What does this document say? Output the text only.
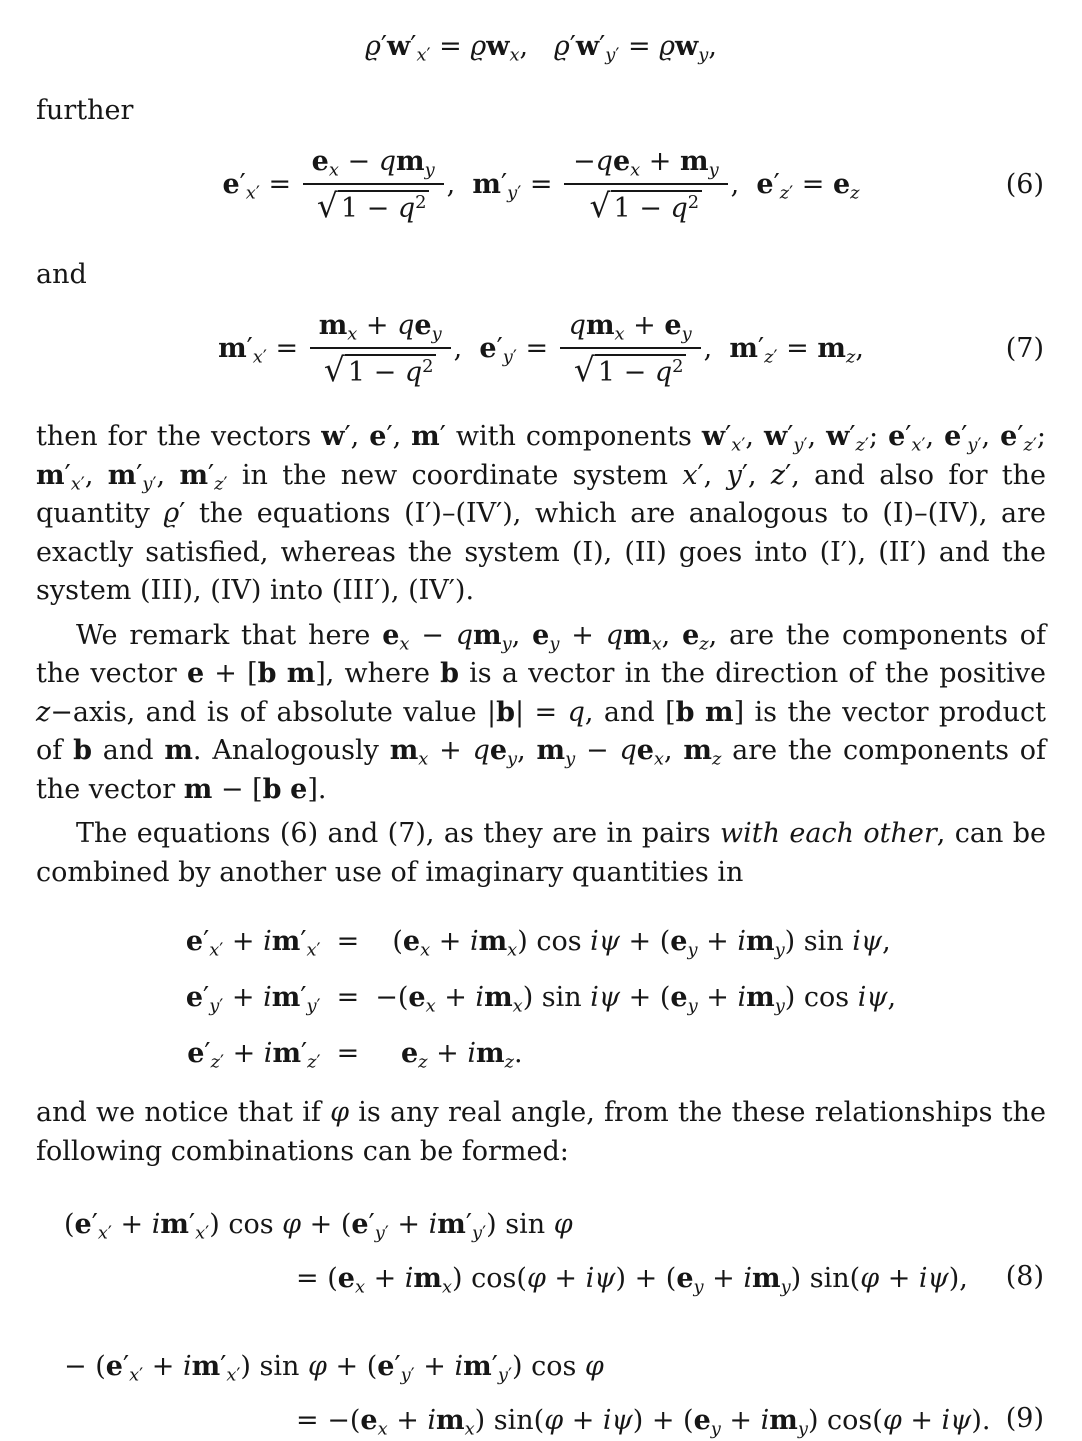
$ϱ'w'_{x'} = ϱw_x$,   $ϱ'w'_{y'} = ϱw_y$,
further
$e'_{x'}$ =
$e_x - qm_y$
√ $1 - q^2$
,  $m'_{y'}$ =
$-qe_x + m_y$
√ $1 - q^2$
,  $e'_{z'} = e_z$	(6)
and
$m'_{x'}$ =
$m_x + qe_y$
√ $1 - q^2$
,  $e'_{y'}$ =
$qm_x + e_y$
√ $1 - q^2$
,  $m'_{z'} = m_z$,	(7)

then for the vectors w′, e′, m′ with components $w'_{x'}$, $w'_{y'}$, $w'_{z'}$; $e'_{x'}$, $e'_{y'}$, $e'_{z'}$; $m'_{x'}$, $m'_{y'}$, $m'_{z'}$ in the new coordinate system x′, y′, z′, and also for the quantity ϱ′ the equations (I′)–(IV′), which are analogous to (I)–(IV), are exactly satisfied, whereas the system (I), (II) goes into (I′), (II′) and the system (III), (IV) into (III′), (IV′).

We remark that here $e_x - qm_y$, $e_y + qm_x$, $e_z$, are the components of the vector e + [b m], where b is a vector in the direction of the positive z−axis, and is of absolute value |b| = q, and [b m] is the vector product of b and m. Analogously $m_x + qe_y$, $m_y - qe_x$, $m_z$ are the components of the vector m − [b e].

The equations (6) and (7), as they are in pairs with each other, can be combined by another use of imaginary quantities in

$e'_{x'} + im'_{x'} = (e_x + im_x)$ $\cos i\psi + (e_y + im_y)$ sin iψ,
$e'_{y'} + im'_{y'} = -(e_x + im_x)$ $\sin i\psi + (e_y + im_y)$ cos iψ,
$e'_{z'} + im'_{z'}$ =	$e_z + im_z$.

and we notice that if φ is any real angle, from the these relationships the following combinations can be formed:

$(e'_{x'} + im'_{x'})$ $\cos \varphi + (e'_{y'} + im'_{y'})$ sin φ
= $(e_x + im_x) \cos(\varphi + i\psi) + (e_y + im_y) \sin(\varphi + i\psi)$,	(8)
− $(e'_{x'} + im'_{x'})$ $\sin \varphi + (e'_{y'} + im'_{y'})$ cos φ
= $-(e_x + im_x) \sin(\varphi + i\psi) + (e_y + im_y) \cos(\varphi + i\psi)$. (9)
